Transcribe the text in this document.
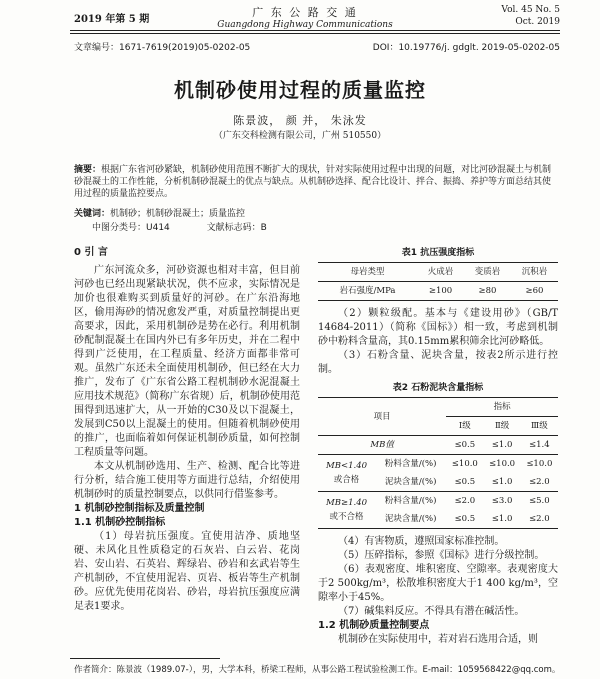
2019 年第 5 期
广 东 公 路 交 通
Guangdong Highway Communications
Vol. 45 No. 5
Oct. 2019
文章编号：1671-7619(2019)05-0202-05	DOI：10.19776/j. gdglt. 2019-05-0202-05
机制砂使用过程的质量监控
陈景波， 颜 并， 朱泳发
（广东交科检测有限公司，广州 510550）
摘要：根据广东省河砂紧缺，机制砂使用范围不断扩大的现状，针对实际使用过程中出现的问题，对比河砂混凝土与机制砂混凝土的工作性能，分析机制砂混凝土的优点与缺点。从机制砂选择、配合比设计、拌合、振捣、养护等方面总结其使用过程的质量监控要点。
关键词：机制砂；机制砂混凝土；质量监控
中图分类号：U414	文献标志码：B

0 引 言

广东河流众多，河砂资源也相对丰富，但目前河砂也已经出现紧缺状况，供不应求，实际情况是加价也很难购买到质量好的河砂。在广东沿海地区，偷用海砂的情况愈发严重，对质量控制提出更高要求，因此，采用机制砂是势在必行。利用机制砂配制混凝土在国内外已有多年历史，并在二程中得到广泛使用，在工程质量、经济方面都非常可观。虽然广东还未全面使用机制砂，但已经在大力推广，发布了《广东省公路工程机制砂水泥混凝土应用技术规范》（简称广东省规）后，机制砂使用范围得到迅速扩大，从一开始的C30及以下混凝土，发展到C50以上混凝土的使用。但随着机制砂使用的推广，也面临着如何保证机制砂质量，如何控制工程质量等问题。

本文从机制砂选用、生产、检测、配合比等进行分析，结合施工使用等方面进行总结，介绍使用机制砂时的质量控制要点，以供同行借鉴参考。

1 机制砂控制指标及质量控制

1.1 机制砂控制指标

（1）母岩抗压强度。宜使用洁净、质地坚硬、未风化且性质稳定的石灰岩、白云岩、花岗岩、安山岩、石英岩、辉绿岩、砂岩和玄武岩等生产机制砂，不宜使用泥岩、页岩、板岩等生产机制砂。应优先使用花岗岩、砂岩，母岩抗压强度应满足表1要求。

表1 抗压强度指标

母岩类型	火成岩	变质岩	沉积岩
岩石强度/MPa	≥100	≥80	≥60

（2）颗粒级配。基本与《建设用砂》（GB/T 14684-2011）（简称《国标》）相一致，考虑到机制砂中粉料含量高，其0.15mm累积筛余比河砂略低。

（3）石粉含量、泥块含量，按表2所示进行控制。

表2 石粉泥块含量指标

项目		指标		
		Ⅰ级	Ⅱ级	Ⅲ级
MB值		≤0.5	≤1.0	≤1.4
MB<1.40
或合格	粉料含量/(%)	≤10.0	≤10.0	≤10.0
	泥块含量/(%)	≤0.5	≤1.0	≤2.0
MB≥1.40
或不合格	粉料含量/(%)	≤2.0	≤3.0	≤5.0
	泥块含量/(%)	≤0.5	≤1.0	≤2.0

（4）有害物质，遵照国家标准控制。

（5）压碎指标，参照《国标》进行分级控制。

（6）表观密度、堆积密度、空隙率。表观密度大于2 500kg/m³，松散堆积密度大于1 400 kg/m³，空隙率小于45%。

（7）碱集料反应。不得具有潜在碱活性。

1.2 机制砂质量控制要点

机制砂在实际使用中，若对岩石选用合适，则

作者简介：陈景波（1989.07-），男，大学本科，桥梁工程师，从事公路工程试验检测工作。E-mail：1059568422@qq.com。
